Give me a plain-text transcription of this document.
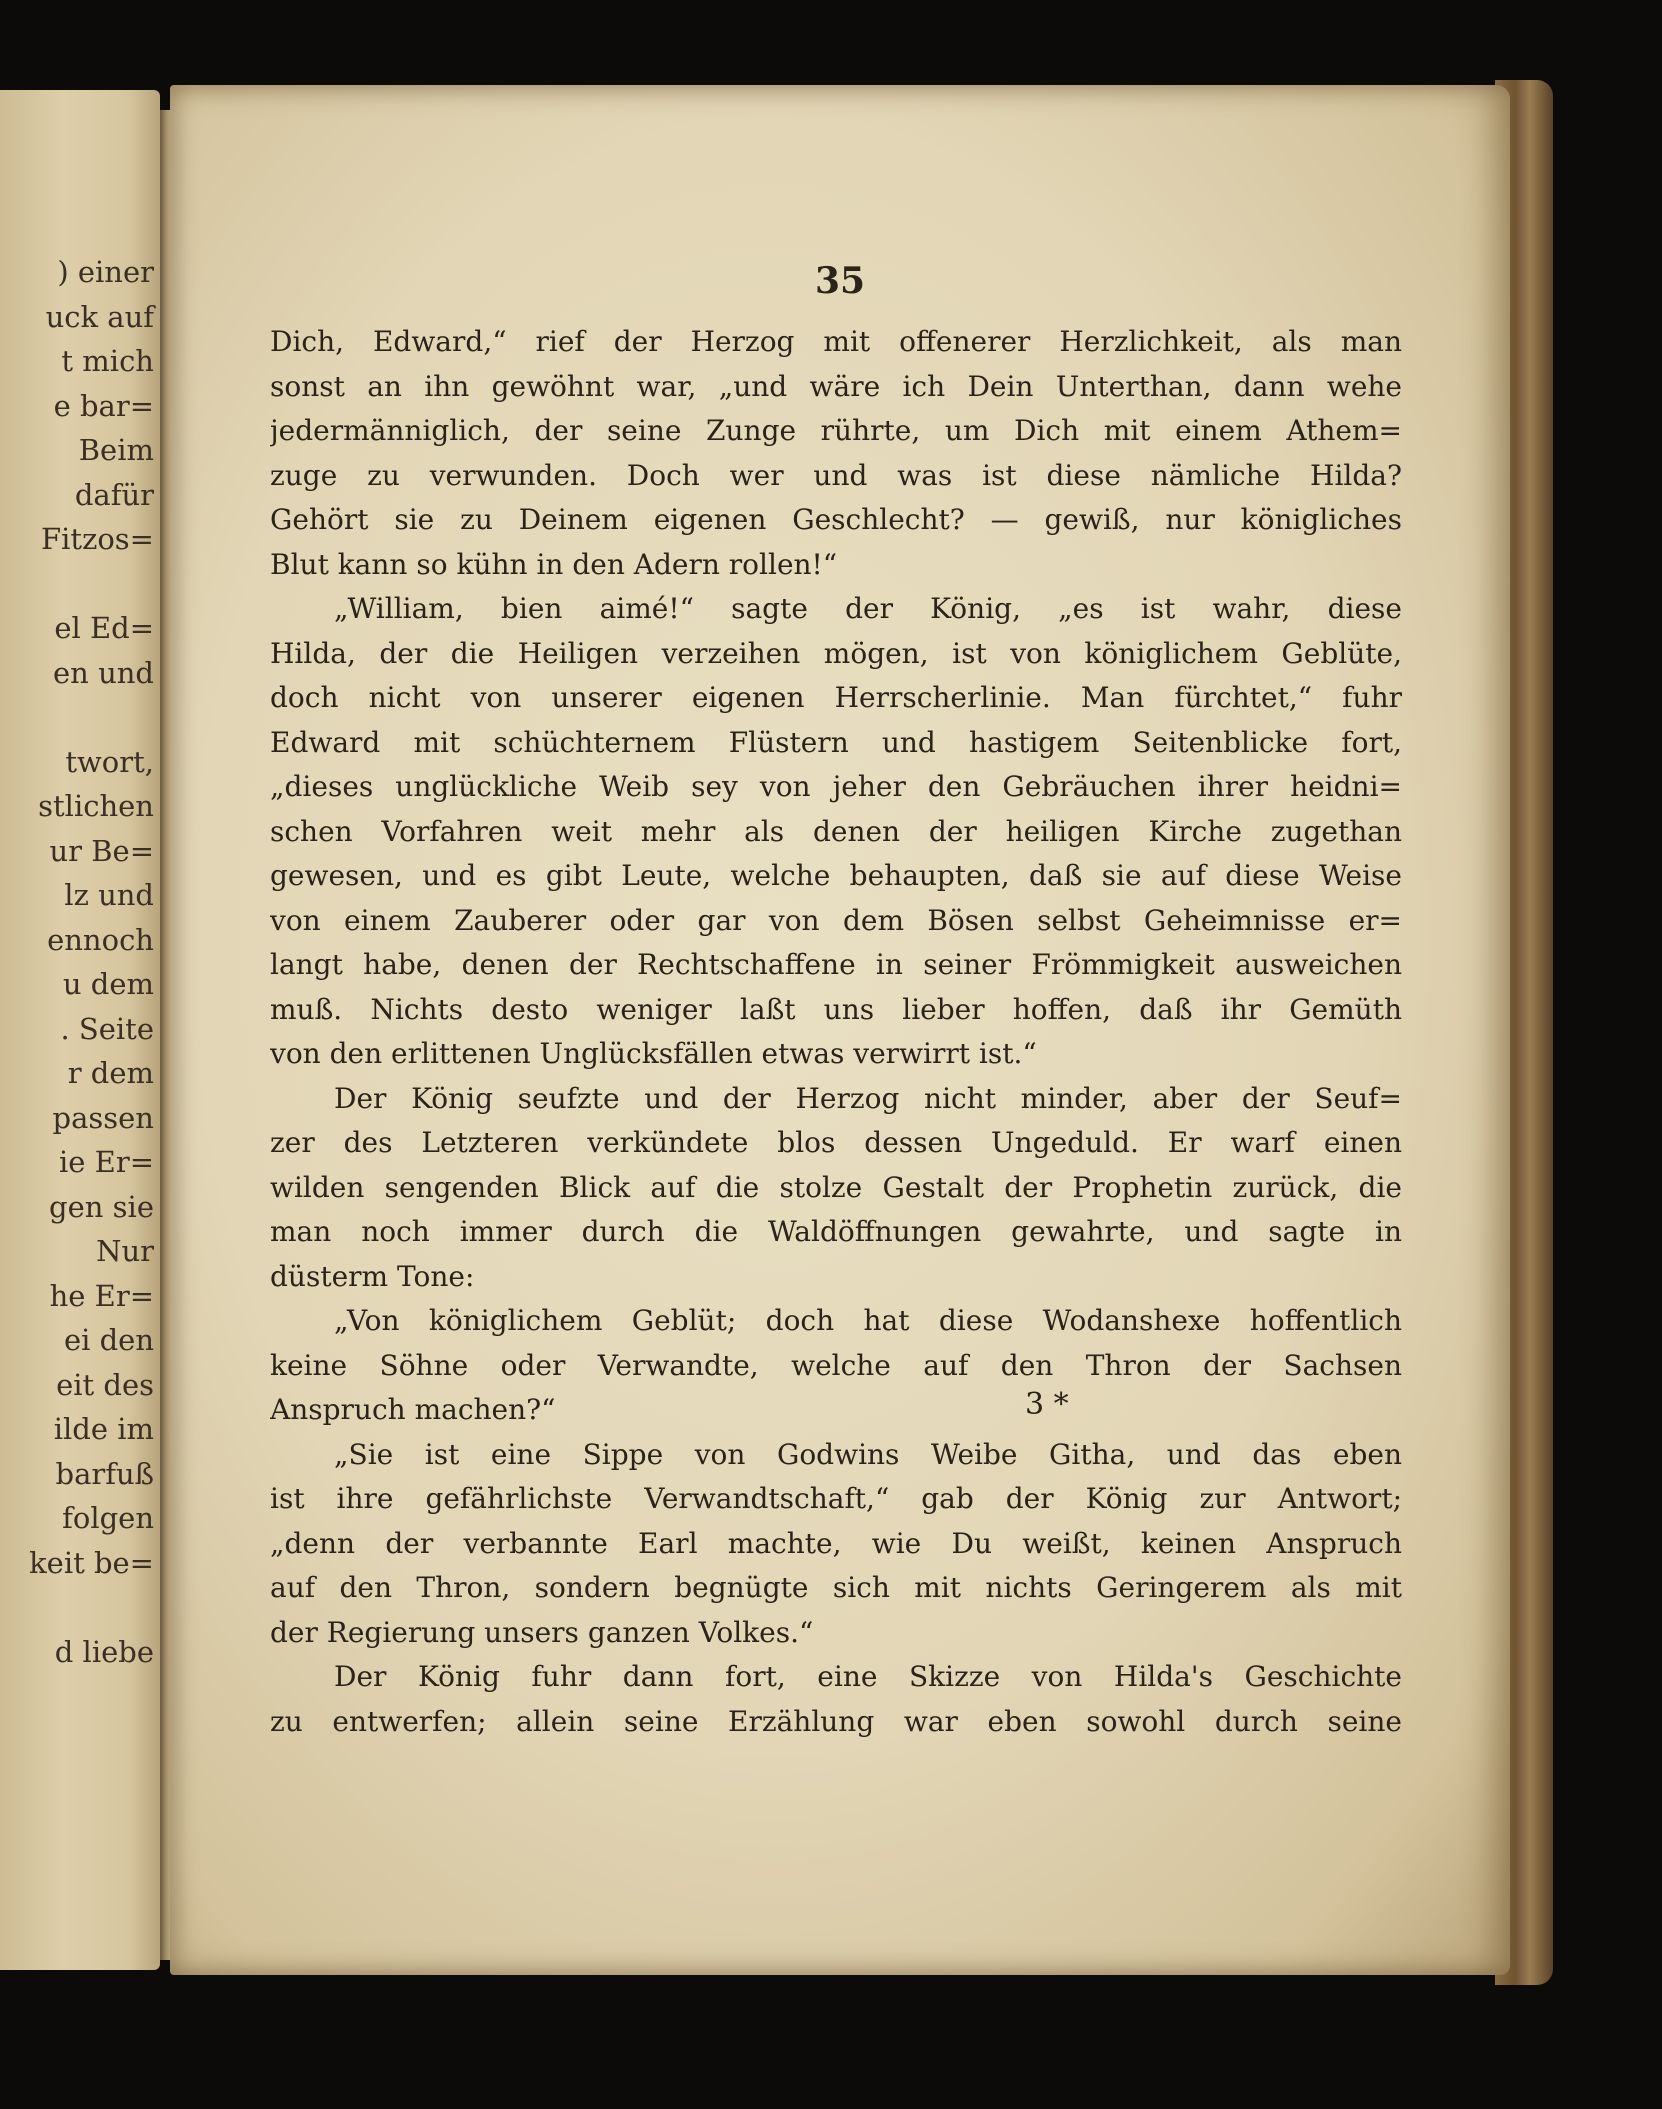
) einer
uck auf
t mich
e bar=
Beim
dafür
Fitzos=
el Ed=
en und
twort,
stlichen
ur Be=
lz und
ennoch
u dem
. Seite
r dem
passen
ie Er=
gen sie
Nur
he Er=
ei den
eit des
ilde im
barfuß
folgen
keit be=
d liebe
35
Dich, Edward,“ rief der Herzog mit offenerer Herzlichkeit, als man
sonst an ihn gewöhnt war, „und wäre ich Dein Unterthan, dann wehe
jedermänniglich, der seine Zunge rührte, um Dich mit einem Athem=
zuge zu verwunden. Doch wer und was ist diese nämliche Hilda?
Gehört sie zu Deinem eigenen Geschlecht? — gewiß, nur königliches
Blut kann so kühn in den Adern rollen!“
„William, bien aimé!“ sagte der König, „es ist wahr, diese
Hilda, der die Heiligen verzeihen mögen, ist von königlichem Geblüte,
doch nicht von unserer eigenen Herrscherlinie. Man fürchtet,“ fuhr
Edward mit schüchternem Flüstern und hastigem Seitenblicke fort,
„dieses unglückliche Weib sey von jeher den Gebräuchen ihrer heidni=
schen Vorfahren weit mehr als denen der heiligen Kirche zugethan
gewesen, und es gibt Leute, welche behaupten, daß sie auf diese Weise
von einem Zauberer oder gar von dem Bösen selbst Geheimnisse er=
langt habe, denen der Rechtschaffene in seiner Frömmigkeit ausweichen
muß. Nichts desto weniger laßt uns lieber hoffen, daß ihr Gemüth
von den erlittenen Unglücksfällen etwas verwirrt ist.“
Der König seufzte und der Herzog nicht minder, aber der Seuf=
zer des Letzteren verkündete blos dessen Ungeduld. Er warf einen
wilden sengenden Blick auf die stolze Gestalt der Prophetin zurück, die
man noch immer durch die Waldöffnungen gewahrte, und sagte in
düsterm Tone:
„Von königlichem Geblüt; doch hat diese Wodanshexe hoffentlich
keine Söhne oder Verwandte, welche auf den Thron der Sachsen
Anspruch machen?“
„Sie ist eine Sippe von Godwins Weibe Githa, und das eben
ist ihre gefährlichste Verwandtschaft,“ gab der König zur Antwort;
„denn der verbannte Earl machte, wie Du weißt, keinen Anspruch
auf den Thron, sondern begnügte sich mit nichts Geringerem als mit
der Regierung unsers ganzen Volkes.“
Der König fuhr dann fort, eine Skizze von Hilda's Geschichte
zu entwerfen; allein seine Erzählung war eben sowohl durch seine
3 *
